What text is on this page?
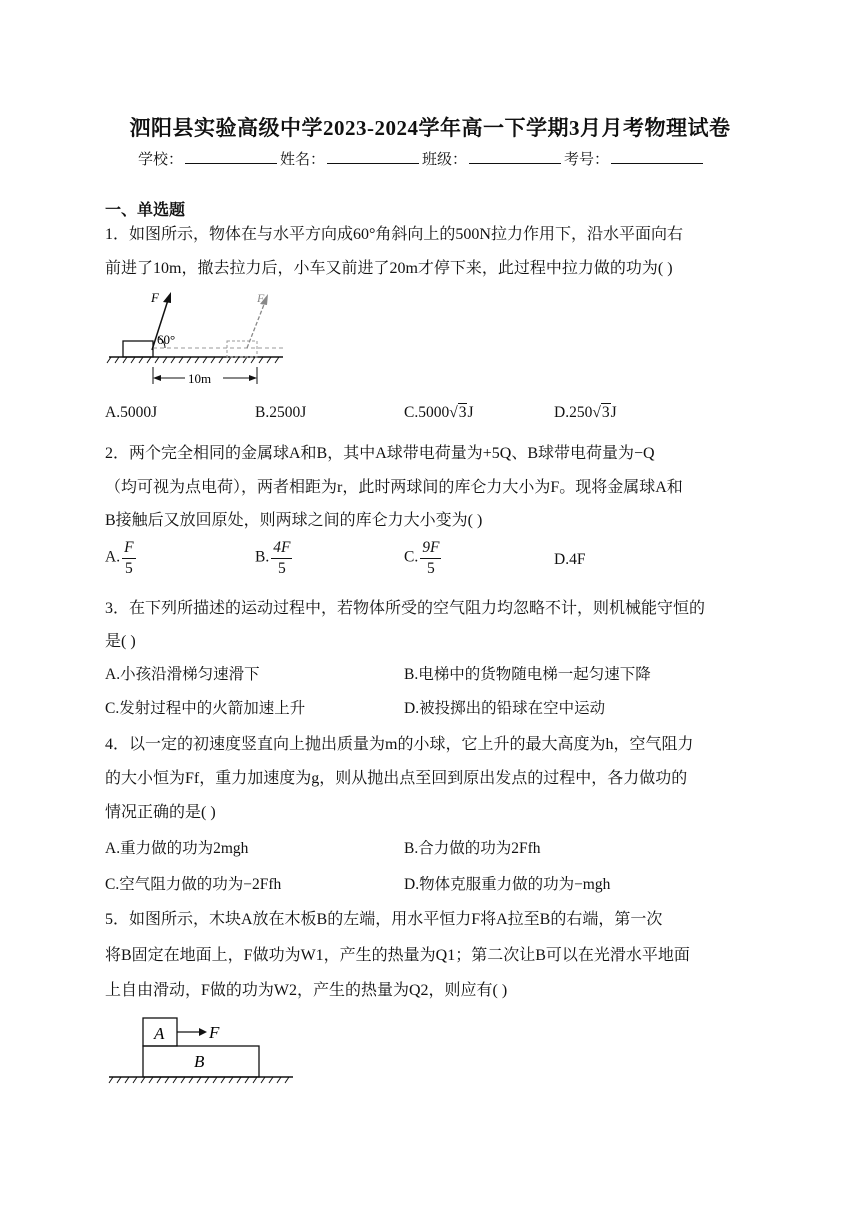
泗阳县实验高级中学2023-2024学年高一下学期3月月考物理试卷
学校：	姓名：	班级：	考号：
一、单选题
1．如图所示，物体在与水平方向成60°角斜向上的500N拉力作用下，沿水平面向右
前进了10m，撤去拉力后，小车又前进了20m才停下来，此过程中拉力做的功为( )
F	F
60°
10m
A.5000J	B.2500J	C.5000√3J	D.250√3J
2．两个完全相同的金属球A和B，其中A球带电荷量为+5Q、B球带电荷量为−Q
（均可视为点电荷），两者相距为r，此时两球间的库仑力大小为F。现将金属球A和
B接触后又放回原处，则两球之间的库仑力大小变为( )
A. $\frac{F}{5}$	B. $\frac{4F}{5}$	C. $\frac{9F}{5}$	D.4F
3．在下列所描述的运动过程中，若物体所受的空气阻力均忽略不计，则机械能守恒的
是( )
A.小孩沿滑梯匀速滑下	B.电梯中的货物随电梯一起匀速下降
C.发射过程中的火箭加速上升	D.被投掷出的铅球在空中运动
4．以一定的初速度竖直向上抛出质量为m的小球，它上升的最大高度为h，空气阻力
的大小恒为Ff，重力加速度为g，则从抛出点至回到原出发点的过程中，各力做功的
情况正确的是( )
A.重力做的功为2mgh	B.合力做的功为2Ffh
C.空气阻力做的功为−2Ffh	D.物体克服重力做的功为−mgh
5．如图所示，木块A放在木板B的左端，用水平恒力F将A拉至B的右端，第一次
将B固定在地面上，F做功为W1，产生的热量为Q1；第二次让B可以在光滑水平地面
上自由滑动，F做的功为W2，产生的热量为Q2，则应有( )
A
B
F
